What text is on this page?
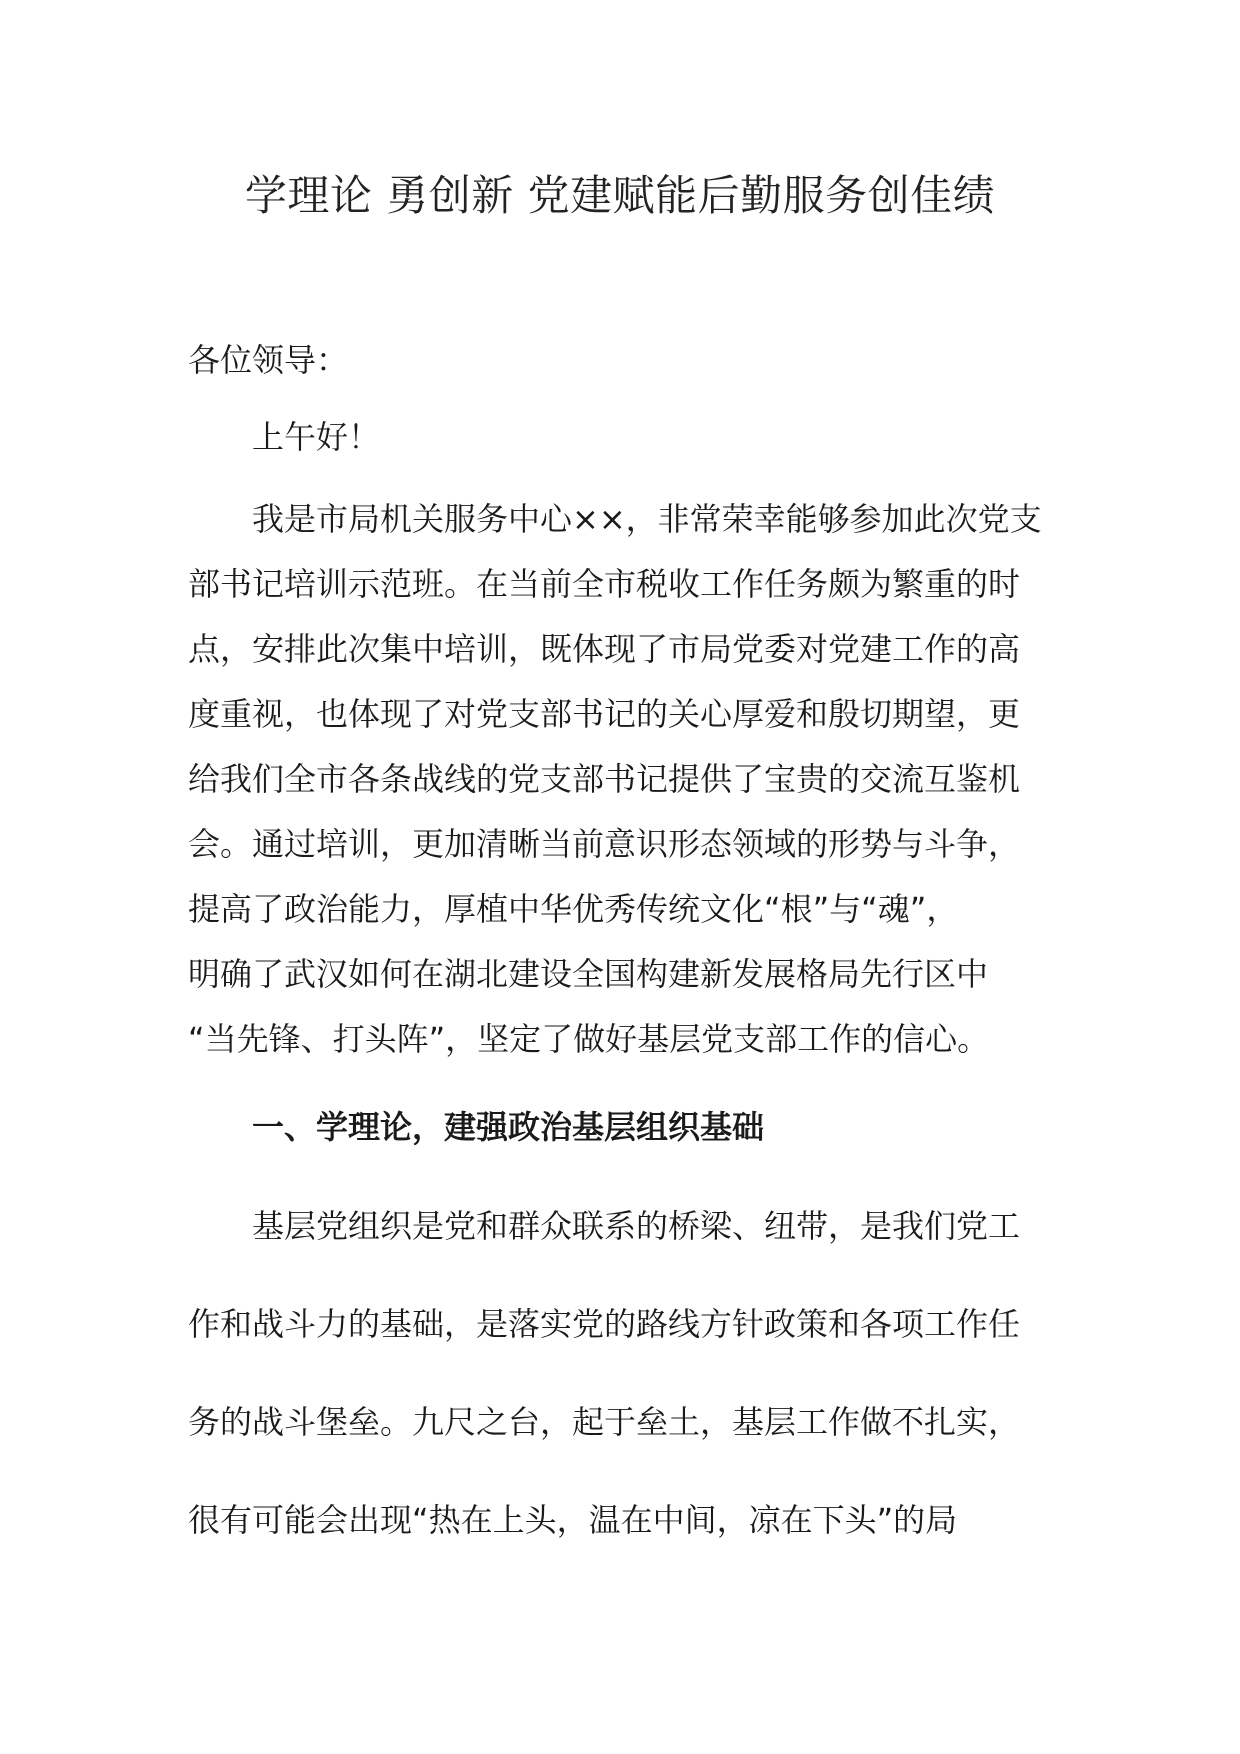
学理论 勇创新 党建赋能后勤服务创佳绩

各位领导：

上午好！

我是市局机关服务中心××，非常荣幸能够参加此次党支

部书记培训示范班。在当前全市税收工作任务颇为繁重的时

点，安排此次集中培训，既体现了市局党委对党建工作的高

度重视，也体现了对党支部书记的关心厚爱和殷切期望，更

给我们全市各条战线的党支部书记提供了宝贵的交流互鉴机

会。通过培训，更加清晰当前意识形态领域的形势与斗争，

提高了政治能力，厚植中华优秀传统文化“根”与“魂”，

明确了武汉如何在湖北建设全国构建新发展格局先行区中

“当先锋、打头阵”，坚定了做好基层党支部工作的信心。

一、学理论，建强政治基层组织基础

基层党组织是党和群众联系的桥梁、纽带，是我们党工

作和战斗力的基础，是落实党的路线方针政策和各项工作任

务的战斗堡垒。九尺之台，起于垒土，基层工作做不扎实，

很有可能会出现“热在上头，温在中间，凉在下头”的局
